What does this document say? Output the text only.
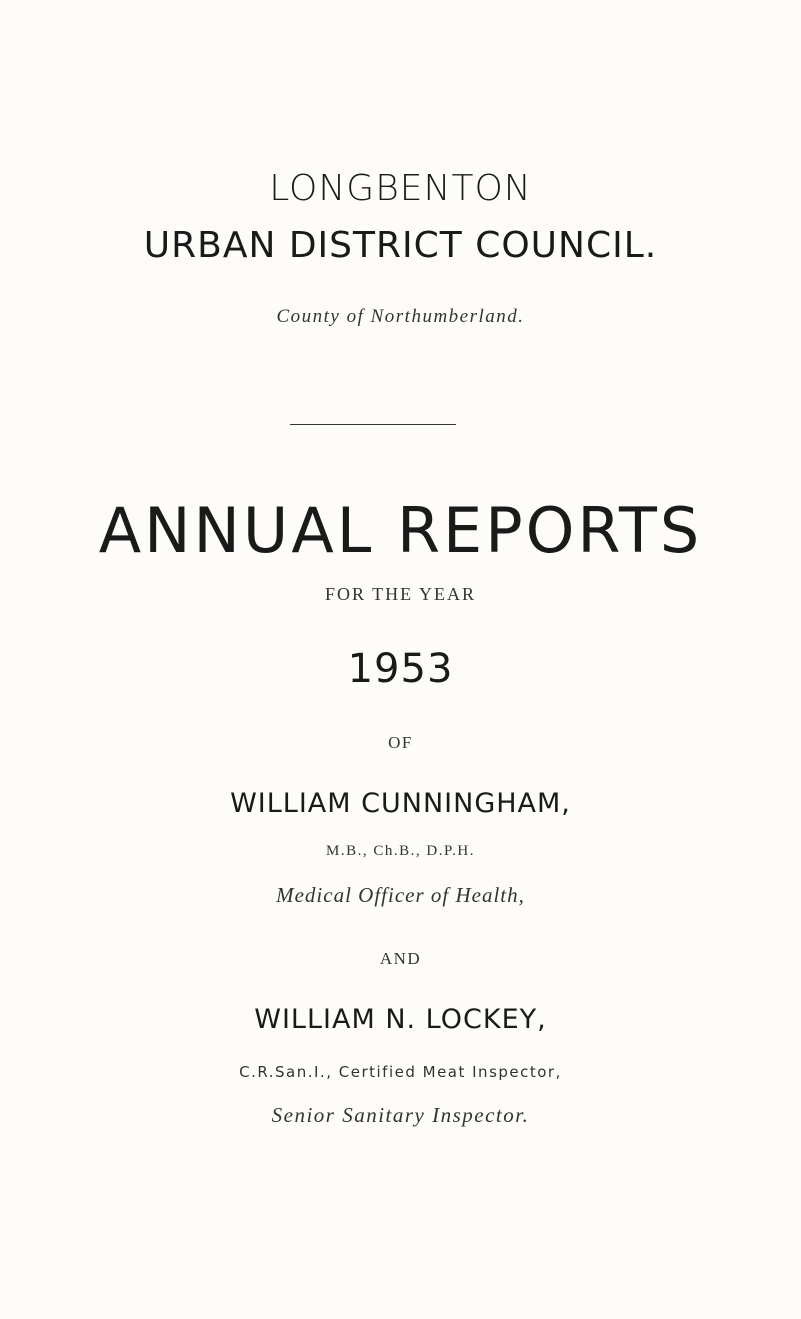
LONGBENTON
URBAN DISTRICT COUNCIL.
County of Northumberland.
ANNUAL REPORTS
FOR THE YEAR
1953
OF
WILLIAM CUNNINGHAM,
M.B., Ch.B., D.P.H.
Medical Officer of Health,
AND
WILLIAM N. LOCKEY,
C.R.San.I., Certified Meat Inspector,
Senior Sanitary Inspector.
